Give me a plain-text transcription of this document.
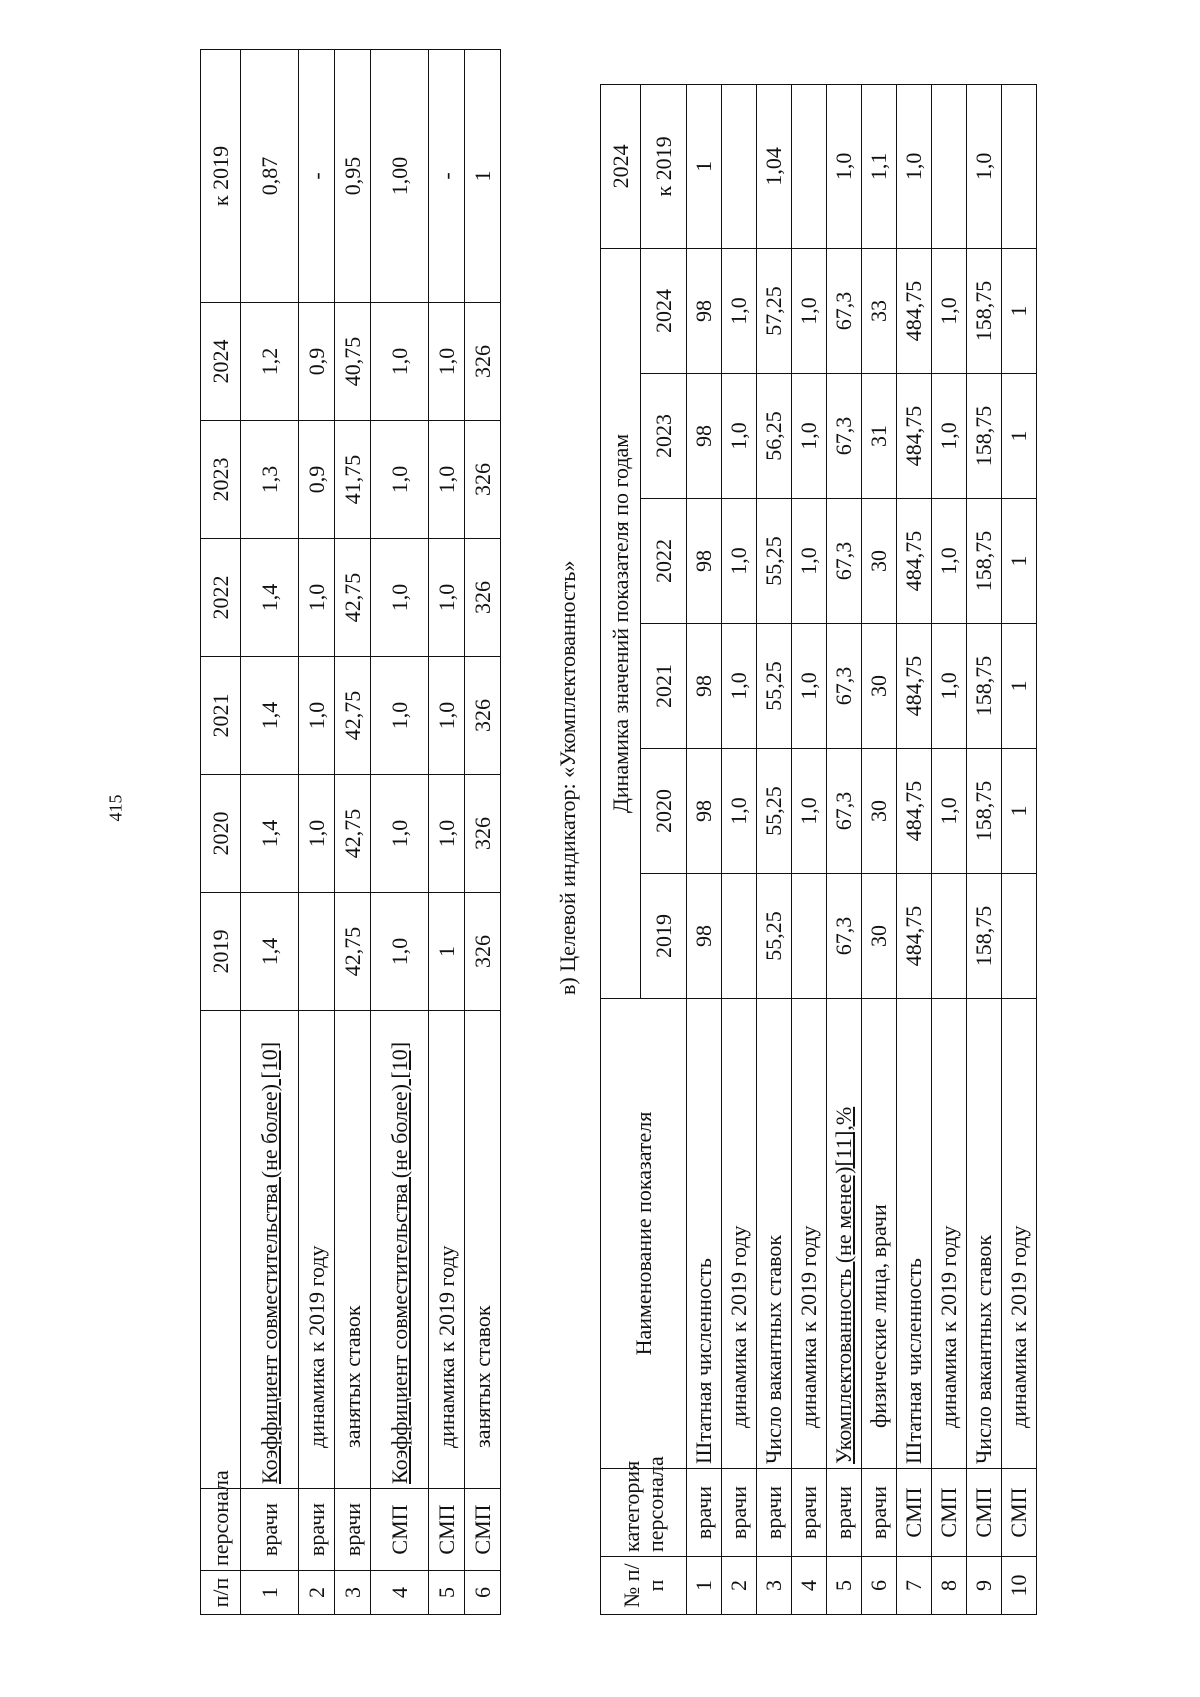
415
п/п	персонала		2019	2020	2021	2022	2023	2024	к 2019
1	врачи	Коэффициент совместительства (не более) [10]	1,4	1,4	1,4	1,4	1,3	1,2	0,87
2	врачи	динамика к 2019 году		1,0	1,0	1,0	0,9	0,9	-
3	врачи	занятых ставок	42,75	42,75	42,75	42,75	41,75	40,75	0,95
4	СМП	Коэффициент совместительства (не более) [10]	1,0	1,0	1,0	1,0	1,0	1,0	1,00
5	СМП	динамика к 2019 году	1	1,0	1,0	1,0	1,0	1,0	-
6	СМП	занятых ставок	326	326	326	326	326	326	1
в) Целевой индикатор: «Укомплектованность»
№ п/п	категория персонала	Наименование показателя	Динамика значений показателя по годам						2024
			2019	2020	2021	2022	2023	2024	к 2019
1	врачи	Штатная численность	98	98	98	98	98	98	1
2	врачи	динамика к 2019 году		1,0	1,0	1,0	1,0	1,0	
3	врачи	Число вакантных ставок	55,25	55,25	55,25	55,25	56,25	57,25	1,04
4	врачи	динамика к 2019 году		1,0	1,0	1,0	1,0	1,0	
5	врачи	Укомплектованность (не менее)[11],%	67,3	67,3	67,3	67,3	67,3	67,3	1,0
6	врачи	физические лица, врачи	30	30	30	30	31	33	1,1
7	СМП	Штатная численность	484,75	484,75	484,75	484,75	484,75	484,75	1,0
8	СМП	динамика к 2019 году		1,0	1,0	1,0	1,0	1,0	
9	СМП	Число вакантных ставок	158,75	158,75	158,75	158,75	158,75	158,75	1,0
10	СМП	динамика к 2019 году		1	1	1	1	1	
